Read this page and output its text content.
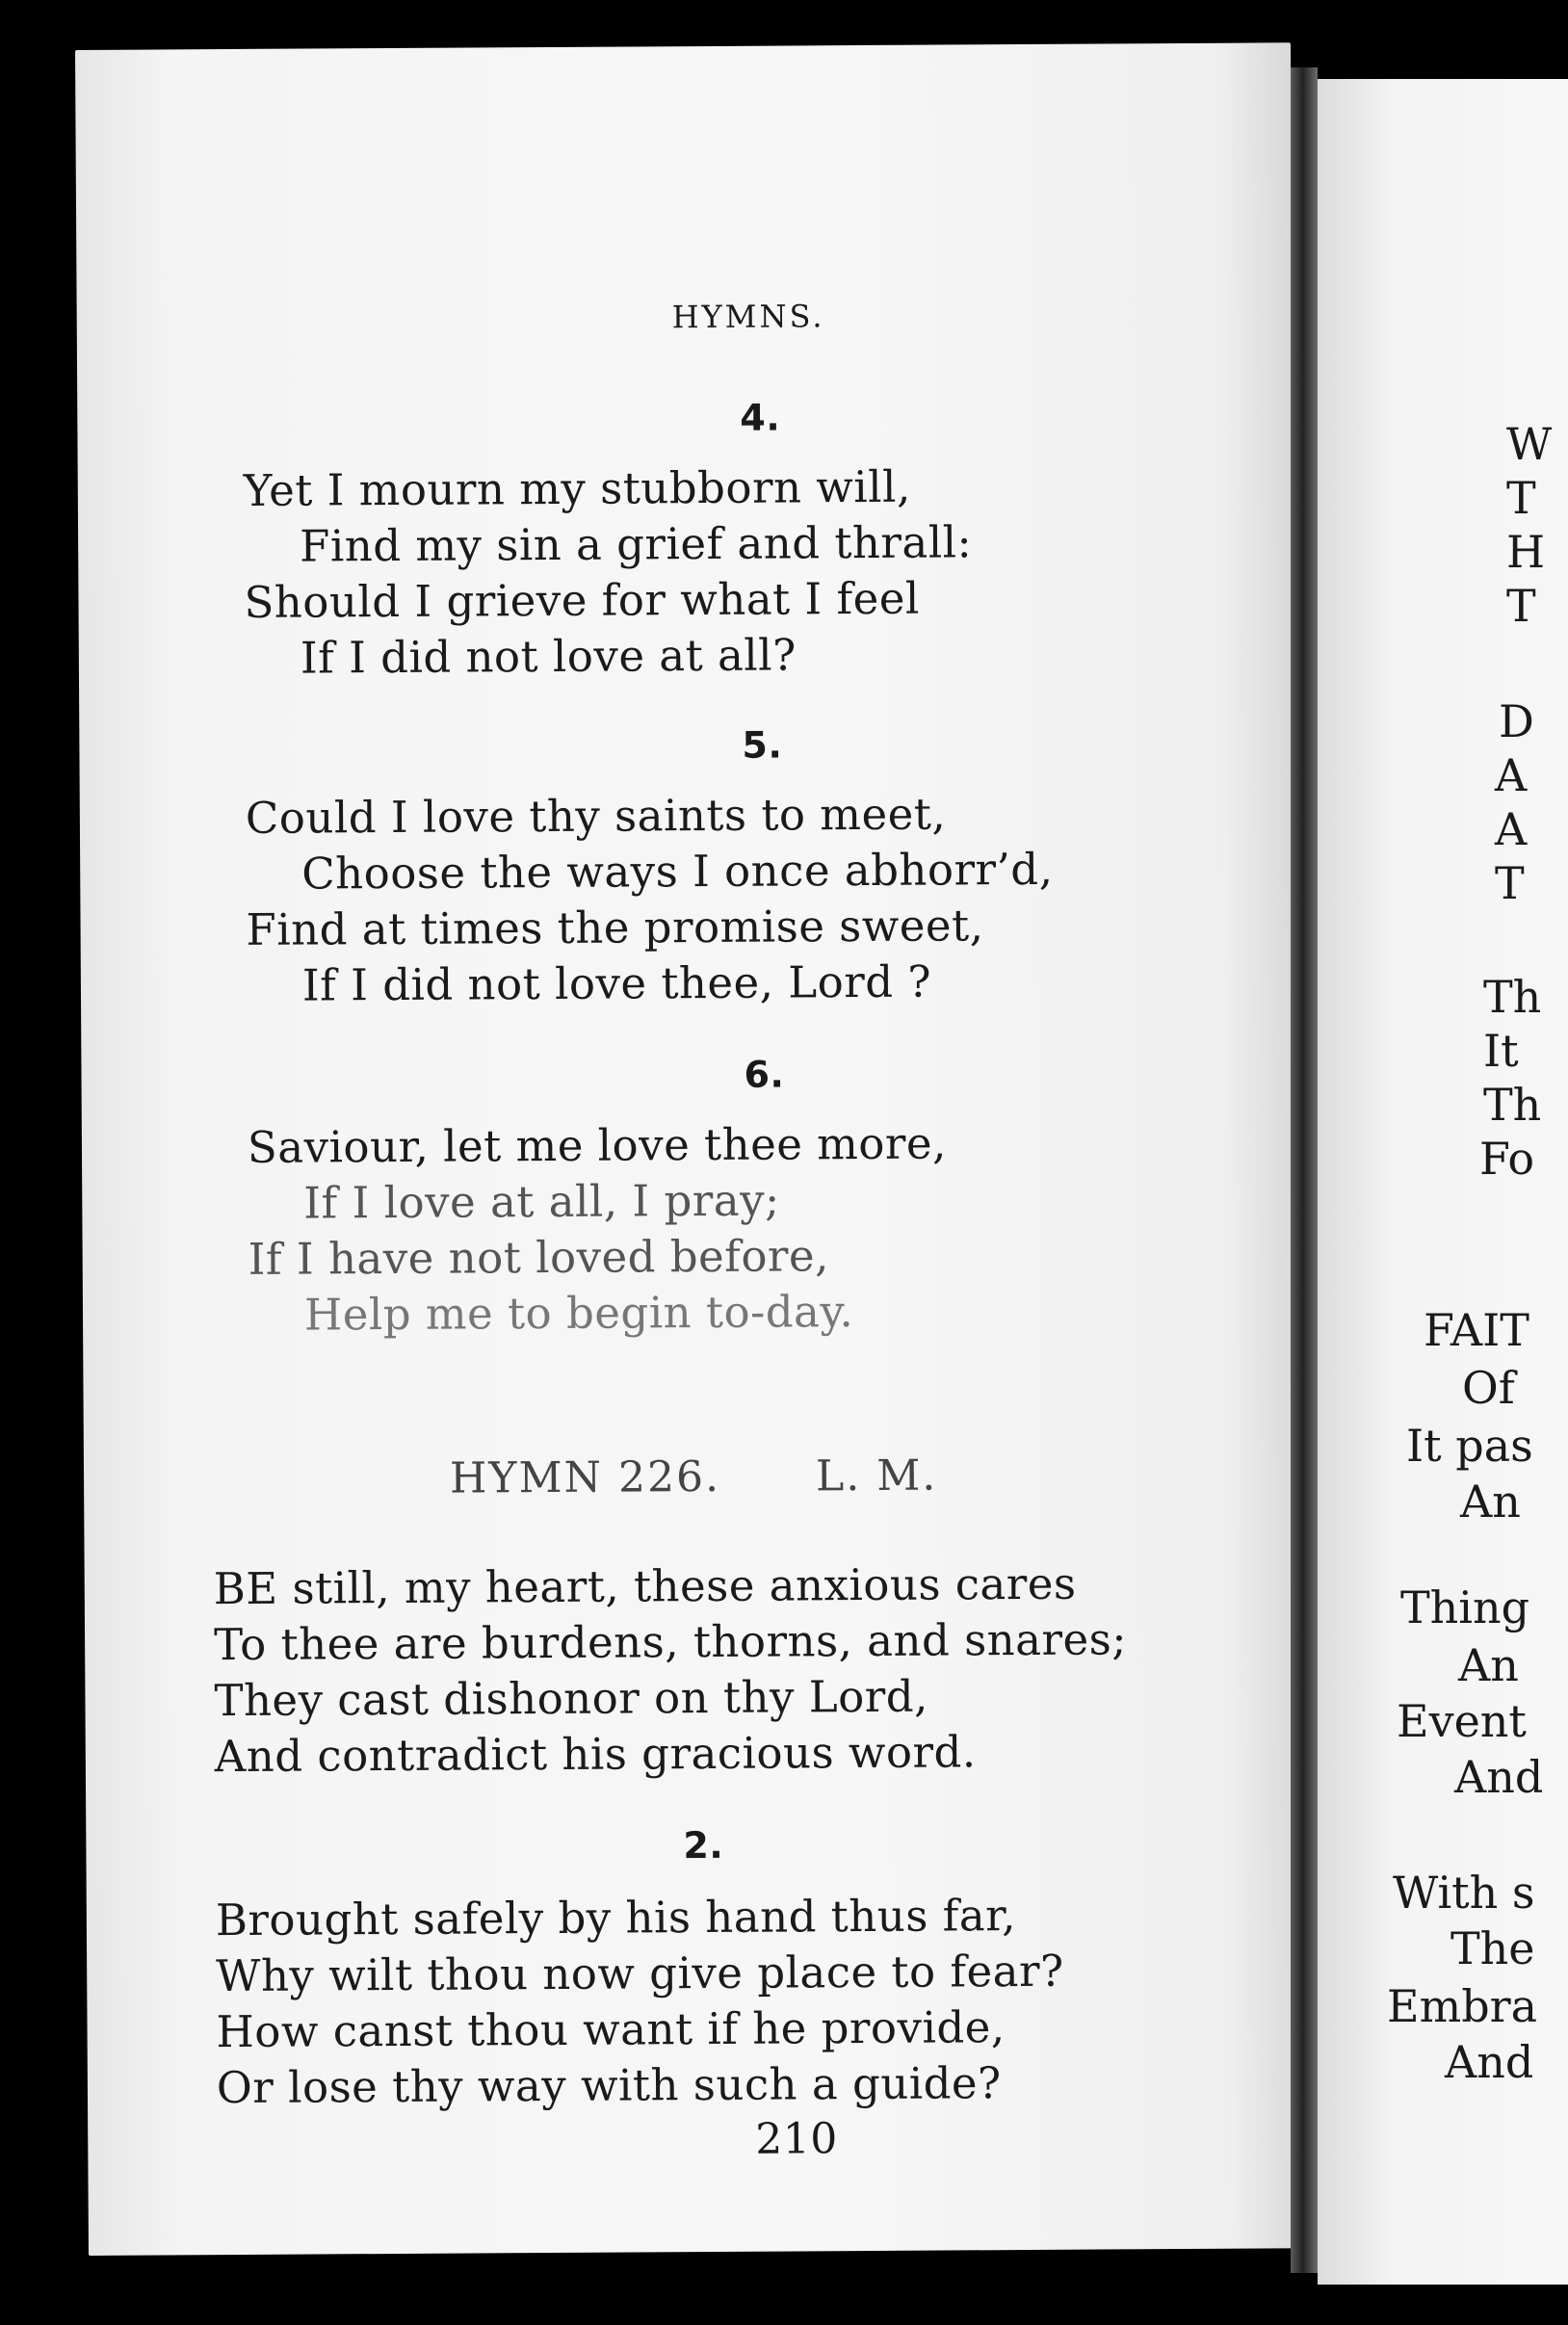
HYMNS.
4.
Yet I mourn my stubborn will,
Find my sin a grief and thrall:
Should I grieve for what I feel
If I did not love at all?
5.
Could I love thy saints to meet,
Choose the ways I once abhorr’d,
Find at times the promise sweet,
If I did not love thee, Lord ?
6.
Saviour, let me love thee more,
If I love at all, I pray;
If I have not loved before,
Help me to begin to-day.
HYMN 226. L. M.
BE still, my heart, these anxious cares
To thee are burdens, thorns, and snares;
They cast dishonor on thy Lord,
And contradict his gracious word.
2.
Brought safely by his hand thus far,
Why wilt thou now give place to fear?
How canst thou want if he provide,
Or lose thy way with such a guide?
210
W
T
H
T
D
A
A
T
Th
It
Th
Fo
FAIT
Of
It pas
An
Thing
An
Event
And
With s
The
Embra
And
